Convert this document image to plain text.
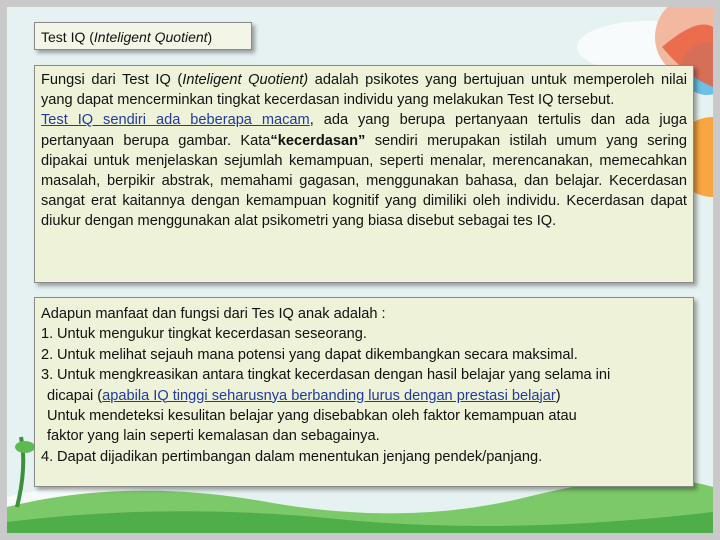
Test IQ (Inteligent Quotient)
Fungsi dari Test IQ (Inteligent Quotient) adalah psikotes yang bertujuan untuk memperoleh nilai yang dapat mencerminkan tingkat kecerdasan individu yang melakukan Test IQ tersebut.
Test IQ sendiri ada beberapa macam, ada yang berupa pertanyaan tertulis dan ada juga pertanyaan berupa gambar. Kata“kecerdasan” sendiri merupakan istilah umum yang sering dipakai untuk menjelaskan sejumlah kemampuan, seperti menalar, merencanakan, memecahkan masalah, berpikir abstrak, memahami gagasan, menggunakan bahasa, dan belajar. Kecerdasan sangat erat kaitannya dengan kemampuan kognitif yang dimiliki oleh individu. Kecerdasan dapat diukur dengan menggunakan alat psikometri yang biasa disebut sebagai tes IQ.
Adapun manfaat dan fungsi dari Tes IQ anak adalah :
1. Untuk mengukur tingkat kecerdasan seseorang.
2. Untuk melihat sejauh mana potensi yang dapat dikembangkan secara maksimal.
3. Untuk mengkreasikan antara tingkat kecerdasan dengan hasil belajar yang selama ini
dicapai (apabila IQ tinggi seharusnya berbanding lurus dengan prestasi belajar)
Untuk mendeteksi kesulitan belajar yang disebabkan oleh faktor kemampuan atau
faktor yang lain seperti kemalasan dan sebagainya.
4. Dapat dijadikan pertimbangan dalam menentukan jenjang pendek/panjang.
